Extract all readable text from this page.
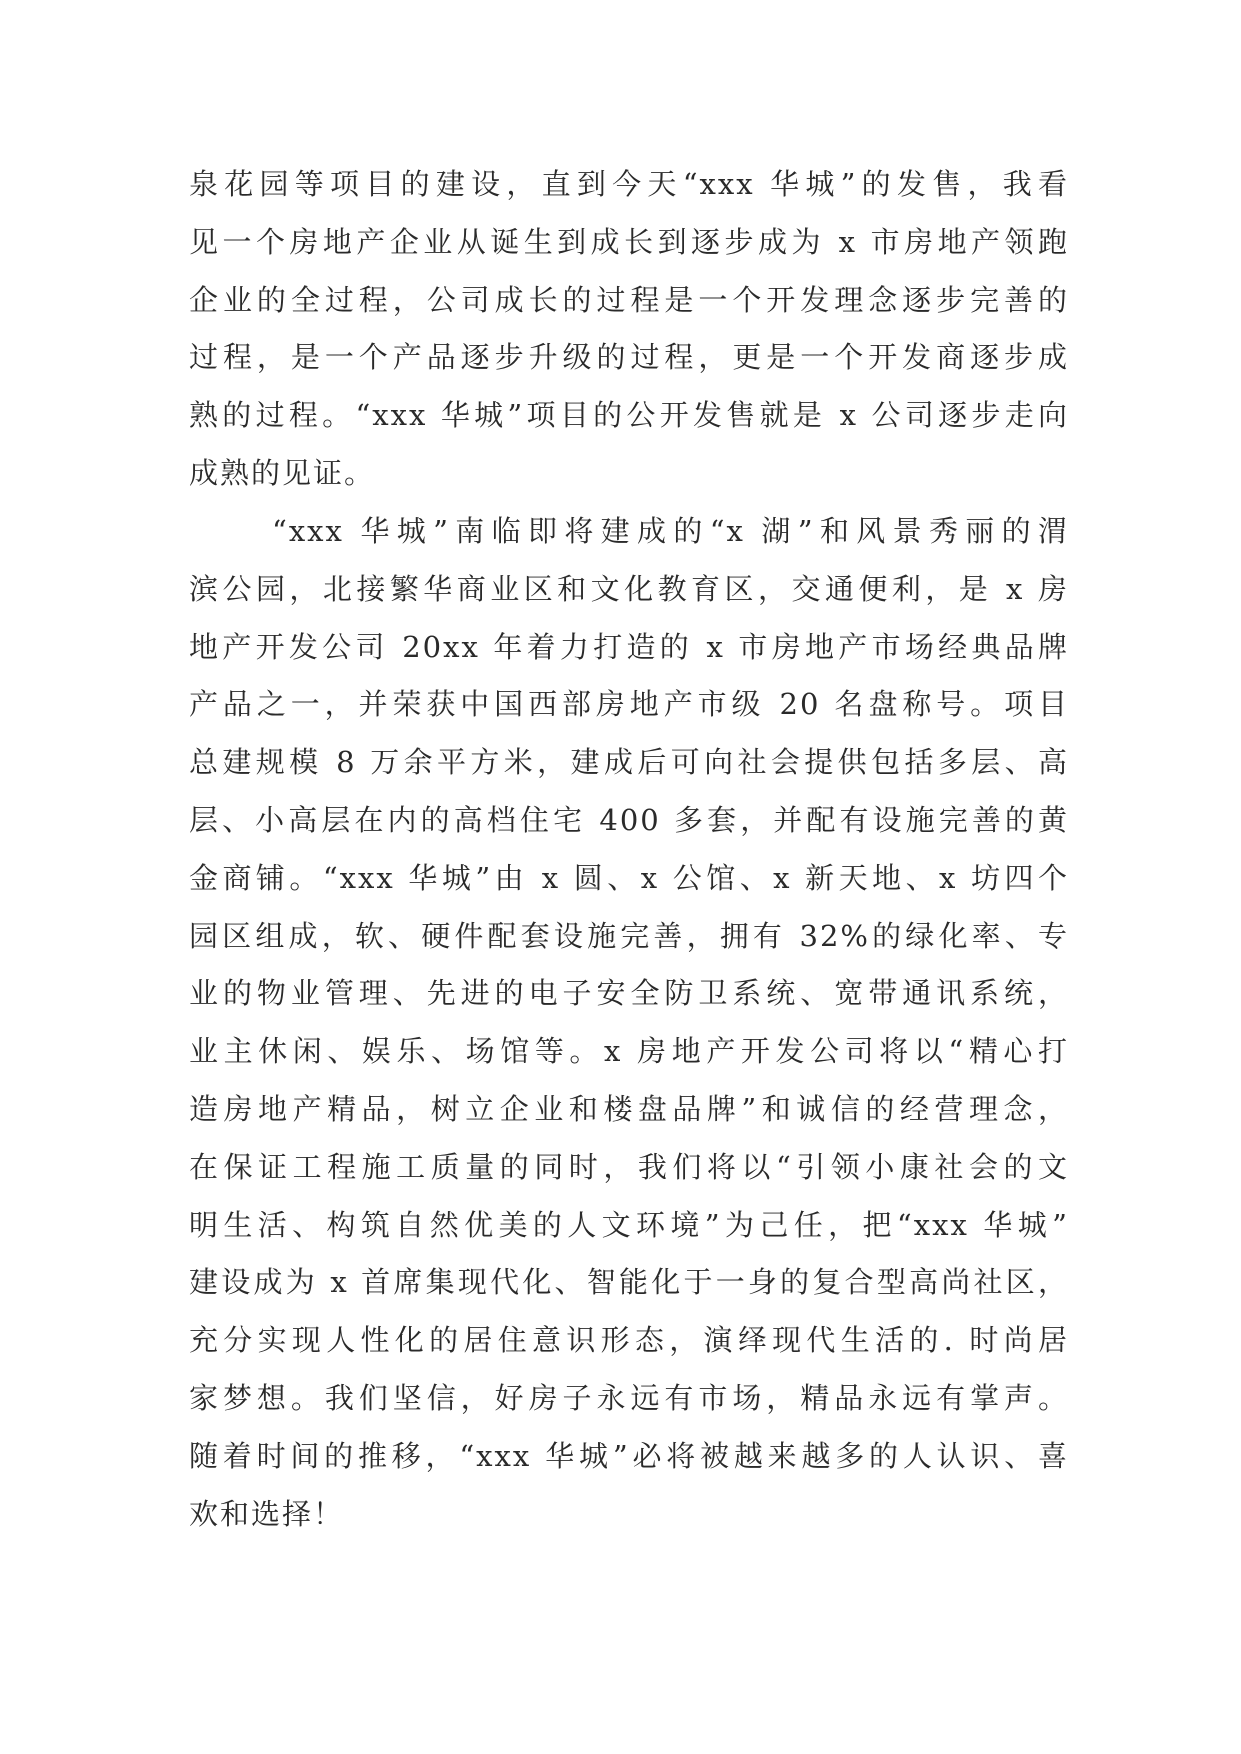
泉花园等项目的建设，直到今天“xxx 华城”的发售，我看
见一个房地产企业从诞生到成长到逐步成为 x 市房地产领跑
企业的全过程，公司成长的过程是一个开发理念逐步完善的
过程，是一个产品逐步升级的过程，更是一个开发商逐步成
熟的过程。“xxx 华城”项目的公开发售就是 x 公司逐步走向
成熟的见证。
“xxx 华城”南临即将建成的“x 湖”和风景秀丽的渭
滨公园，北接繁华商业区和文化教育区，交通便利，是 x 房
地产开发公司 20xx 年着力打造的 x 市房地产市场经典品牌
产品之一，并荣获中国西部房地产市级 20 名盘称号。项目
总建规模 8 万余平方米，建成后可向社会提供包括多层、高
层、小高层在内的高档住宅 400 多套，并配有设施完善的黄
金商铺。“xxx 华城”由 x 圆、x 公馆、x 新天地、x 坊四个
园区组成，软、硬件配套设施完善，拥有 32%的绿化率、专
业的物业管理、先进的电子安全防卫系统、宽带通讯系统，
业主休闲、娱乐、场馆等。x 房地产开发公司将以“精心打
造房地产精品，树立企业和楼盘品牌”和诚信的经营理念，
在保证工程施工质量的同时，我们将以“引领小康社会的文
明生活、构筑自然优美的人文环境”为己任，把“xxx 华城”
建设成为 x 首席集现代化、智能化于一身的复合型高尚社区，
充分实现人性化的居住意识形态，演绎现代生活的. 时尚居
家梦想。我们坚信，好房子永远有市场，精品永远有掌声。
随着时间的推移，“xxx 华城”必将被越来越多的人认识、喜
欢和选择！
